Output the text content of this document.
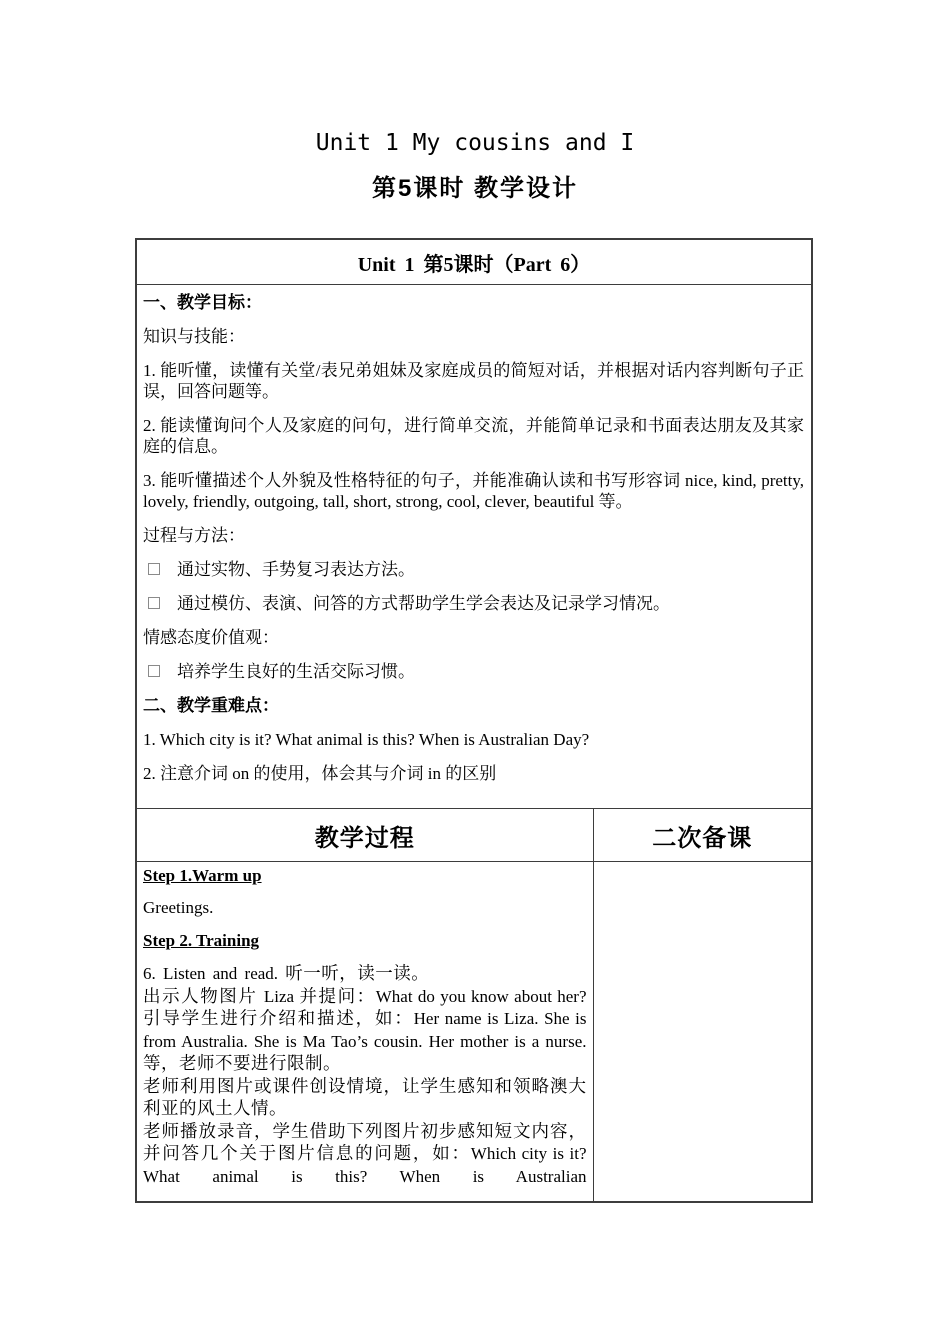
Unit 1 My cousins and I

第5课时 教学设计

Unit 1 第5课时（Part 6）

一、教学目标：

知识与技能：

1. 能听懂，读懂有关堂/表兄弟姐妹及家庭成员的简短对话，并根据对话内容判断句子正误，回答问题等。

2. 能读懂询问个人及家庭的问句，进行简单交流，并能简单记录和书面表达朋友及其家庭的信息。

3. 能听懂描述个人外貌及性格特征的句子，并能准确认读和书写形容词 nice, kind, pretty, lovely, friendly, outgoing, tall, short, strong, cool, clever, beautiful 等。

过程与方法：

通过实物、手势复习表达方法。

通过模仿、表演、问答的方式帮助学生学会表达及记录学习情况。

情感态度价值观：

培养学生良好的生活交际习惯。

二、教学重难点：

1. Which city is it? What animal is this? When is Australian Day?

2. 注意介词 on 的使用，体会其与介词 in 的区别

教学过程	二次备课

Step 1.Warm up

Greetings.

Step 2. Training

6. Listen and read. 听一听，读一读。

出示人物图片 Liza 并提问：What do you know about her? 引导学生进行介绍和描述，如：Her name is Liza. She is from Australia. She is Ma Tao’s cousin. Her mother is a nurse.等，老师不要进行限制。

老师利用图片或课件创设情境，让学生感知和领略澳大利亚的风土人情。

老师播放录音，学生借助下列图片初步感知短文内容，并问答几个关于图片信息的问题，如：Which city is it? What animal is this? When is Australian
